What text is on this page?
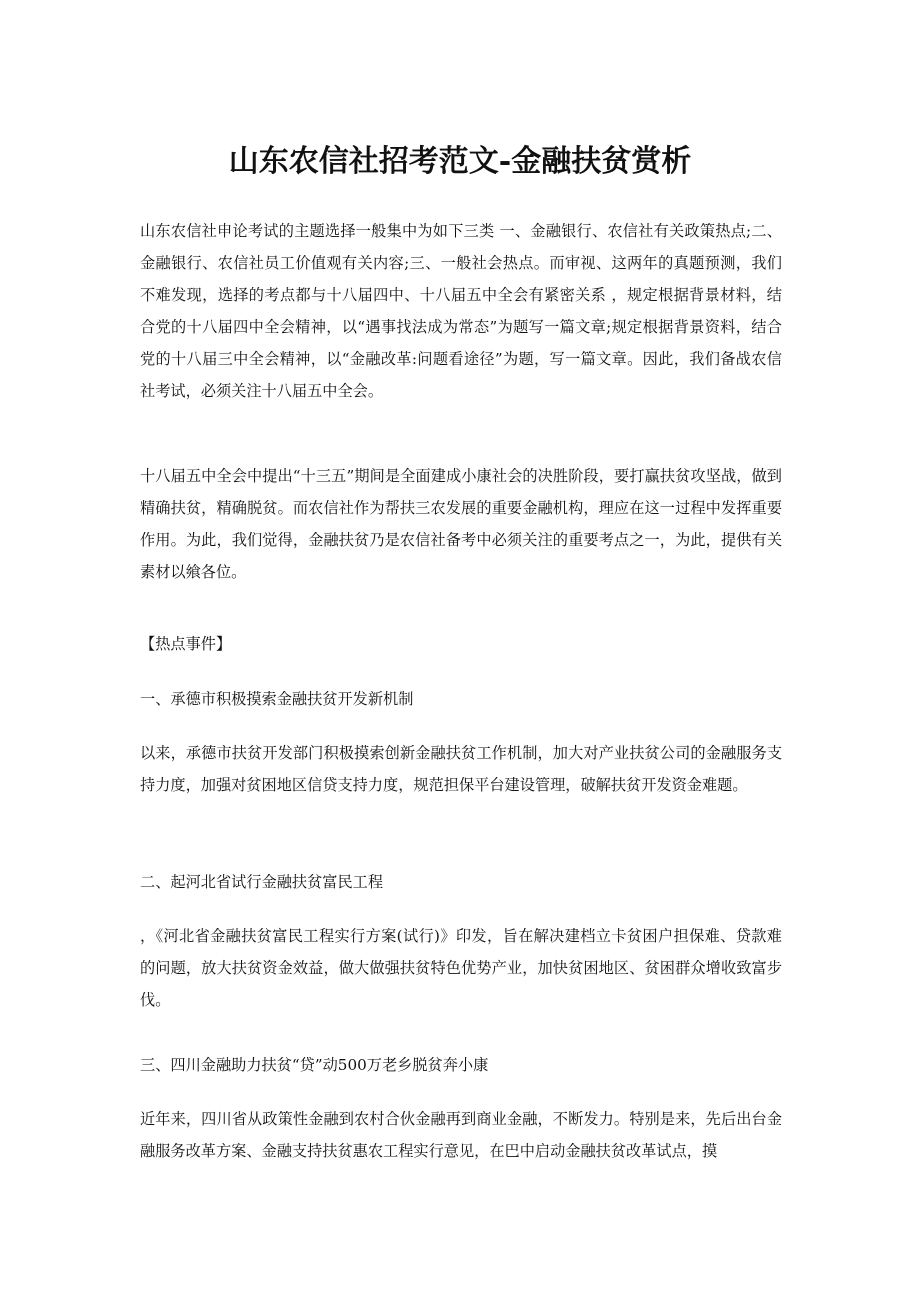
山东农信社招考范文-金融扶贫赏析

山东农信社申论考试的主题选择一般集中为如下三类 一、金融银行、农信社有关政策热点;二、金融银行、农信社员工价值观有关内容;三、一般社会热点。而审视、这两年的真题预测，我们不难发现，选择的考点都与十八届四中、十八届五中全会有紧密关系 ，规定根据背景材料，结合党的十八届四中全会精神，以“遇事找法成为常态”为题写一篇文章;规定根据背景资料，结合党的十八届三中全会精神，以“金融改革:问题看途径”为题，写一篇文章。因此，我们备战农信社考试，必须关注十八届五中全会。

十八届五中全会中提出“十三五”期间是全面建成小康社会的决胜阶段，要打赢扶贫攻坚战，做到精确扶贫，精确脱贫。而农信社作为帮扶三农发展的重要金融机构，理应在这一过程中发挥重要作用。为此，我们觉得，金融扶贫乃是农信社备考中必须关注的重要考点之一，为此，提供有关素材以飨各位。

【热点事件】

一、承德市积极摸索金融扶贫开发新机制

以来，承德市扶贫开发部门积极摸索创新金融扶贫工作机制，加大对产业扶贫公司的金融服务支持力度，加强对贫困地区信贷支持力度，规范担保平台建设管理，破解扶贫开发资金难题。

二、起河北省试行金融扶贫富民工程

，《河北省金融扶贫富民工程实行方案(试行)》印发，旨在解决建档立卡贫困户担保难、贷款难的问题，放大扶贫资金效益，做大做强扶贫特色优势产业，加快贫困地区、贫困群众增收致富步伐。

三、四川金融助力扶贫“贷”动500万老乡脱贫奔小康

近年来，四川省从政策性金融到农村合伙金融再到商业金融，不断发力。特别是来，先后出台金融服务改革方案、金融支持扶贫惠农工程实行意见，在巴中启动金融扶贫改革试点，摸
